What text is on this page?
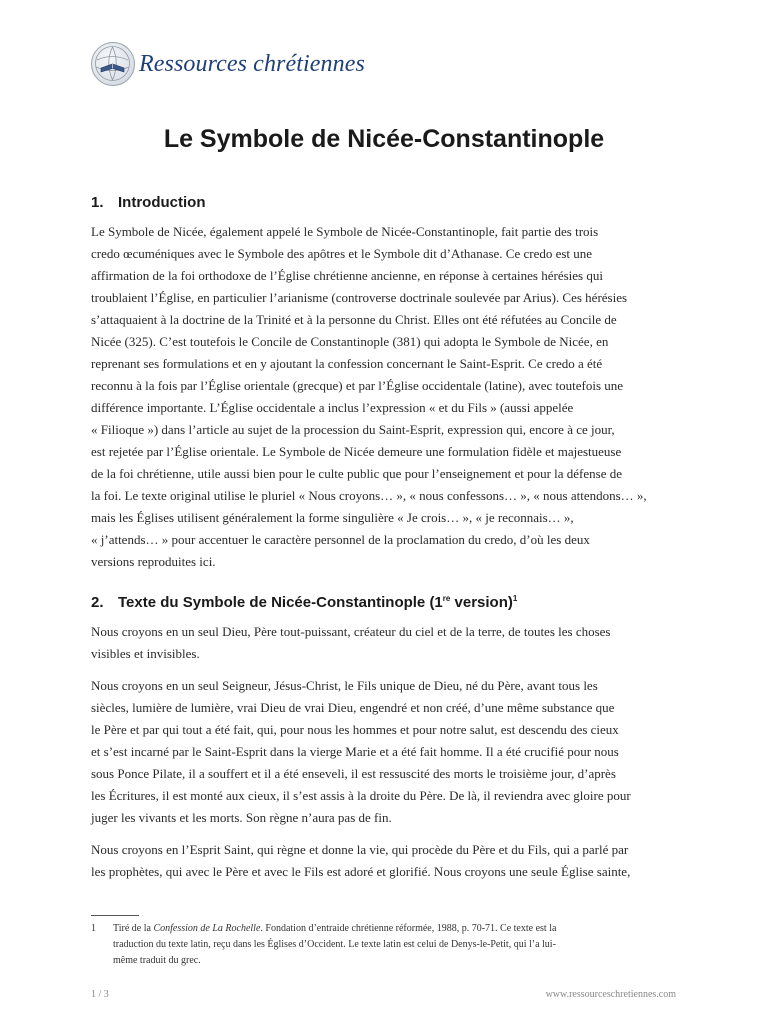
Ressources chrétiennes
Le Symbole de Nicée-Constantinople
1. Introduction

Le Symbole de Nicée, également appelé le Symbole de Nicée-Constantinople, fait partie des trois
credo œcuméniques avec le Symbole des apôtres et le Symbole dit d’Athanase. Ce credo est une
affirmation de la foi orthodoxe de l’Église chrétienne ancienne, en réponse à certaines hérésies qui
troublaient l’Église, en particulier l’arianisme (controverse doctrinale soulevée par Arius). Ces hérésies
s’attaquaient à la doctrine de la Trinité et à la personne du Christ. Elles ont été réfutées au Concile de
Nicée (325). C’est toutefois le Concile de Constantinople (381) qui adopta le Symbole de Nicée, en
reprenant ses formulations et en y ajoutant la confession concernant le Saint-Esprit. Ce credo a été
reconnu à la fois par l’Église orientale (grecque) et par l’Église occidentale (latine), avec toutefois une
différence importante. L’Église occidentale a inclus l’expression « et du Fils » (aussi appelée
« Filioque ») dans l’article au sujet de la procession du Saint-Esprit, expression qui, encore à ce jour,
est rejetée par l’Église orientale. Le Symbole de Nicée demeure une formulation fidèle et majestueuse
de la foi chrétienne, utile aussi bien pour le culte public que pour l’enseignement et pour la défense de
la foi. Le texte original utilise le pluriel « Nous croyons… », « nous confessons… », « nous attendons… »,
mais les Églises utilisent généralement la forme singulière « Je crois… », « je reconnais… »,
« j’attends… » pour accentuer le caractère personnel de la proclamation du credo, d’où les deux
versions reproduites ici.

2. Texte du Symbole de Nicée-Constantinople (1re version)$^1$

Nous croyons en un seul Dieu, Père tout-puissant, créateur du ciel et de la terre, de toutes les choses
visibles et invisibles.

Nous croyons en un seul Seigneur, Jésus-Christ, le Fils unique de Dieu, né du Père, avant tous les
siècles, lumière de lumière, vrai Dieu de vrai Dieu, engendré et non créé, d’une même substance que
le Père et par qui tout a été fait, qui, pour nous les hommes et pour notre salut, est descendu des cieux
et s’est incarné par le Saint-Esprit dans la vierge Marie et a été fait homme. Il a été crucifié pour nous
sous Ponce Pilate, il a souffert et il a été enseveli, il est ressuscité des morts le troisième jour, d’après
les Écritures, il est monté aux cieux, il s’est assis à la droite du Père. De là, il reviendra avec gloire pour
juger les vivants et les morts. Son règne n’aura pas de fin.

Nous croyons en l’Esprit Saint, qui règne et donne la vie, qui procède du Père et du Fils, qui a parlé par
les prophètes, qui avec le Père et avec le Fils est adoré et glorifié. Nous croyons une seule Église sainte,

1 Tiré de la Confession de La Rochelle. Fondation d’entraide chrétienne réformée, 1988, p. 70-71. Ce texte est la
traduction du texte latin, reçu dans les Églises d’Occident. Le texte latin est celui de Denys-le-Petit, qui l’a lui-
même traduit du grec.
1 / 3	www.ressourceschretiennes.com
